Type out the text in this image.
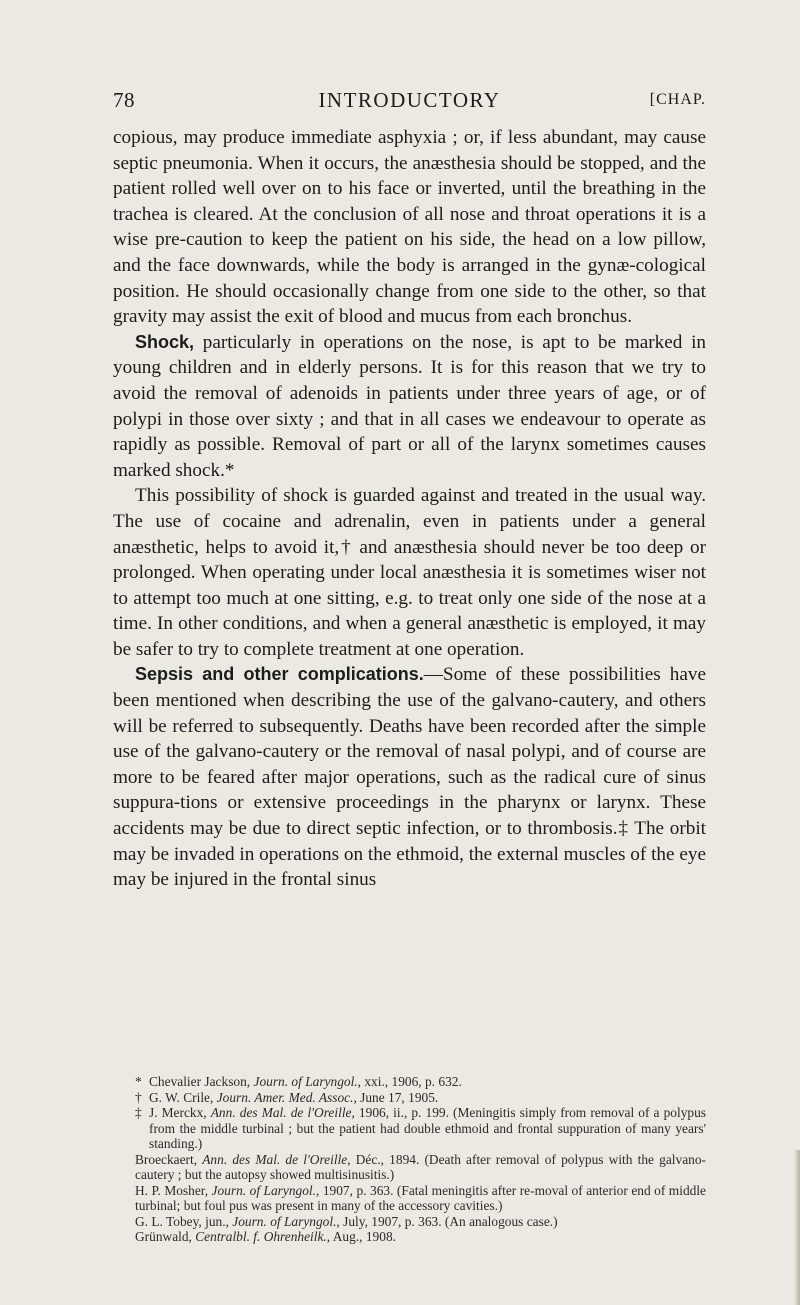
78	INTRODUCTORY	[CHAP.

copious, may produce immediate asphyxia ; or, if less abundant, may cause septic pneumonia. When it occurs, the anæsthesia should be stopped, and the patient rolled well over on to his face or inverted, until the breathing in the trachea is cleared. At the conclusion of all nose and throat operations it is a wise pre-caution to keep the patient on his side, the head on a low pillow, and the face downwards, while the body is arranged in the gynæ-cological position. He should occasionally change from one side to the other, so that gravity may assist the exit of blood and mucus from each bronchus.

Shock, particularly in operations on the nose, is apt to be marked in young children and in elderly persons. It is for this reason that we try to avoid the removal of adenoids in patients under three years of age, or of polypi in those over sixty ; and that in all cases we endeavour to operate as rapidly as possible. Removal of part or all of the larynx sometimes causes marked shock.*

This possibility of shock is guarded against and treated in the usual way. The use of cocaine and adrenalin, even in patients under a general anæsthetic, helps to avoid it,† and anæsthesia should never be too deep or prolonged. When operating under local anæsthesia it is sometimes wiser not to attempt too much at one sitting, e.g. to treat only one side of the nose at a time. In other conditions, and when a general anæsthetic is employed, it may be safer to try to complete treatment at one operation.

Sepsis and other complications.—Some of these possibilities have been mentioned when describing the use of the galvano-cautery, and others will be referred to subsequently. Deaths have been recorded after the simple use of the galvano-cautery or the removal of nasal polypi, and of course are more to be feared after major operations, such as the radical cure of sinus suppura-tions or extensive proceedings in the pharynx or larynx. These accidents may be due to direct septic infection, or to thrombosis.‡ The orbit may be invaded in operations on the ethmoid, the external muscles of the eye may be injured in the frontal sinus

* Chevalier Jackson, Journ. of Laryngol., xxi., 1906, p. 632.

† G. W. Crile, Journ. Amer. Med. Assoc., June 17, 1905.

‡ J. Merckx, Ann. des Mal. de l'Oreille, 1906, ii., p. 199. (Meningitis simply from removal of a polypus from the middle turbinal ; but the patient had double ethmoid and frontal suppuration of many years' standing.)
Broeckaert, Ann. des Mal. de l'Oreille, Déc., 1894. (Death after removal of polypus with the galvano-cautery ; but the autopsy showed multisinusitis.)
H. P. Mosher, Journ. of Laryngol., 1907, p. 363. (Fatal meningitis after re-moval of anterior end of middle turbinal; but foul pus was present in many of the accessory cavities.)
G. L. Tobey, jun., Journ. of Laryngol., July, 1907, p. 363. (An analogous case.)
Grünwald, Centralbl. f. Ohrenheilk., Aug., 1908.
